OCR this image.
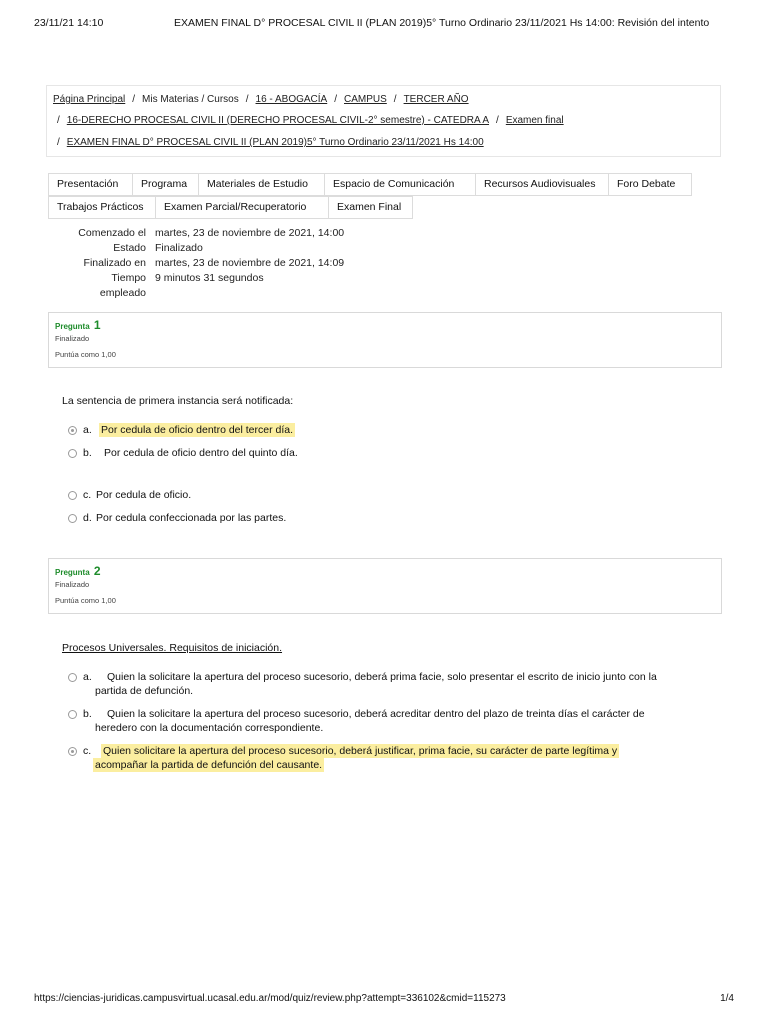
23/11/21 14:10	EXAMEN FINAL D° PROCESAL CIVIL II (PLAN 2019)5° Turno Ordinario 23/11/2021 Hs 14:00: Revisión del intento
Página Principal / Mis Materias / Cursos / 16 - ABOGACÍA / CAMPUS / TERCER AÑO
/ 16-DERECHO PROCESAL CIVIL II (DERECHO PROCESAL CIVIL-2° semestre) - CATEDRA A / Examen final
/ EXAMEN FINAL D° PROCESAL CIVIL II (PLAN 2019)5° Turno Ordinario 23/11/2021 Hs 14:00
Presentación	Programa	Materiales de Estudio	Espacio de Comunicación	Recursos Audiovisuales	Foro Debate
Trabajos Prácticos	Examen Parcial/Recuperatorio	Examen Final
Comenzado el martes, 23 de noviembre de 2021, 14:00
Estado Finalizado
Finalizado en martes, 23 de noviembre de 2021, 14:09
Tiempo 9 minutos 31 segundos
empleado
Pregunta 1
Finalizado
Puntúa como 1,00
La sentencia de primera instancia será notificada:
a. Por cedula de oficio dentro del tercer día.
b. Por cedula de oficio dentro del quinto día.
c. Por cedula de oficio.
d. Por cedula confeccionada por las partes.
Pregunta 2
Finalizado
Puntúa como 1,00
Procesos Universales. Requisitos de iniciación.
a. Quien la solicitare la apertura del proceso sucesorio, deberá prima facie, solo presentar el escrito de inicio junto con la
partida de defunción.
b. Quien la solicitare la apertura del proceso sucesorio, deberá acreditar dentro del plazo de treinta días el carácter de
heredero con la documentación correspondiente.
c. Quien solicitare la apertura del proceso sucesorio, deberá justificar, prima facie, su carácter de parte legítima y
acompañar la partida de defunción del causante.
https://ciencias-juridicas.campusvirtual.ucasal.edu.ar/mod/quiz/review.php?attempt=336102&cmid=115273	1/4
